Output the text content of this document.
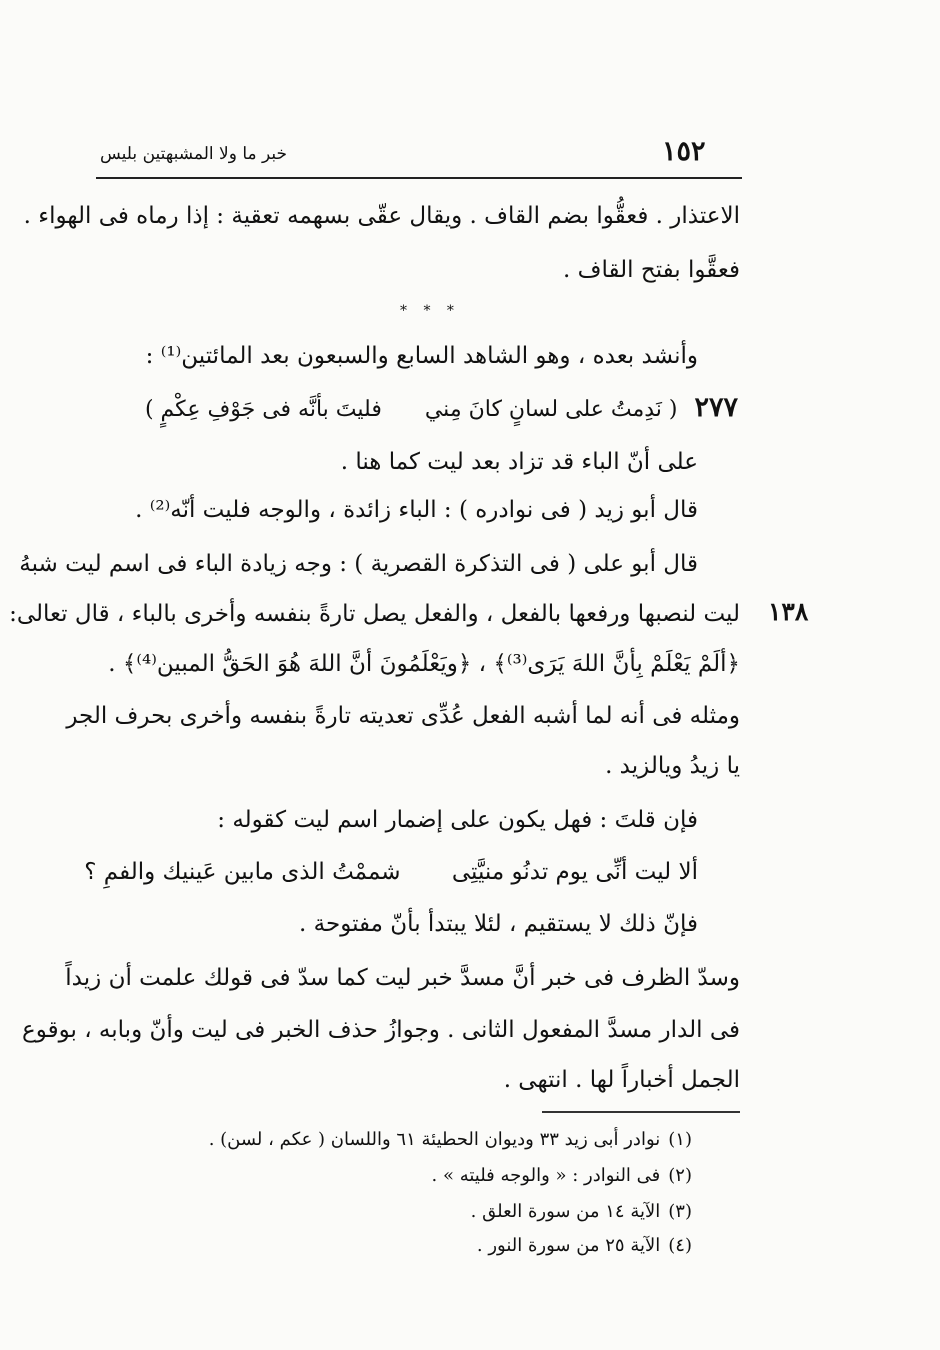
١٥٢
خبر ما ولا المشبهتين بليس
الاعتذار . فعقُّوا بضم القاف . ويقال عقّى بسهمه تعقية : إذا رماه فى الهواء .
فعقَّوا بفتح القاف .
* * *
وأنشد بعده ، وهو الشاهد السابع والسبعون بعد المائتين⁽¹⁾ :
٢٧٧ ( نَدِمتُ على لسانٍ كانَ مِني فليتَ بأنَّه فى جَوْفِ عِكْمٍ )
على أنّ الباء قد تزاد بعد ليت كما هنا .
قال أبو زيد ( فى نوادره ) : الباء زائدة ، والوجه فليت أنّه⁽²⁾ .
قال أبو على ( فى التذكرة القصرية ) : وجه زيادة الباء فى اسم ليت شبهُ
١٣٨
ليت لنصبها ورفعها بالفعل ، والفعل يصل تارةً بنفسه وأخرى بالباء ، قال تعالى:
﴿ألَمْ يَعْلَمْ بِأنَّ اللهَ يَرَى⁽³⁾﴾ ، ﴿ويَعْلَمُونَ أنَّ اللهَ هُوَ الحَقُّ المبين⁽⁴⁾﴾ .
ومثله فى أنه لما أشبه الفعل عُدِّى تعديته تارةً بنفسه وأخرى بحرف الجر
يا زيدُ ويالزيد .
فإن قلتَ : فهل يكون على إضمار اسم ليت كقوله :
ألا ليت أنِّى يوم تدنُو منيَّتِى شممْتُ الذى مابين عَينيك والفمِ ؟
فإنّ ذلك لا يستقيم ، لئلا يبتدأ بأنّ مفتوحة .
وسدّ الظرف فى خبر أنَّ مسدَّ خبر ليت كما سدّ فى قولك علمت أن زيداً
فى الدار مسدَّ المفعول الثانى . وجوازُ حذف الخبر فى ليت وأنّ وبابه ، بوقوع
الجمل أخباراً لها . انتهى .
(١)نوادر أبى زيد ٣٣ وديوان الحطيئة ٦١ واللسان ( عكم ، لسن) .
(٢)فى النوادر : « والوجه فليته » .
(٣)الآية ١٤ من سورة العلق .
(٤)الآية ٢٥ من سورة النور .
